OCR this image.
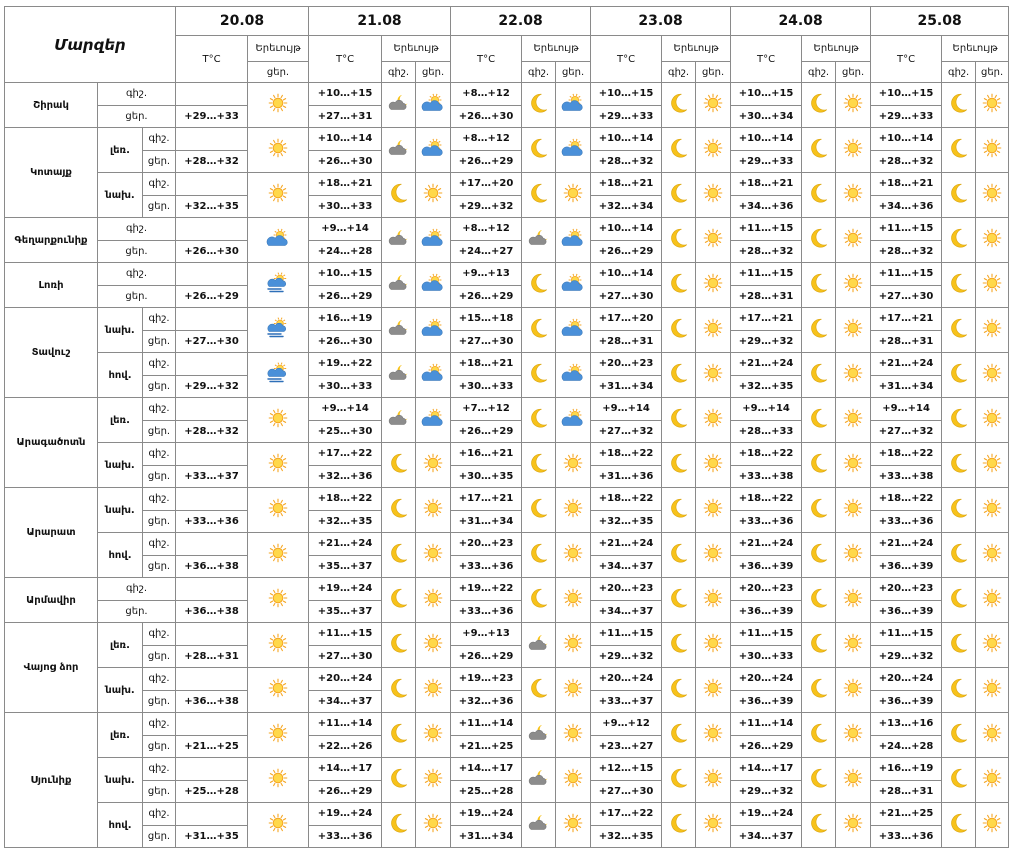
Մարզեր			20.08		21.08			22.08			23.08			24.08			25.08		
			T°C	Երեւույթ	T°C	Երեւույթ		T°C	Երեւույթ		T°C	Երեւույթ		T°C	Երեւույթ		T°C	Երեւույթ	
				ցեր.		գիշ.	ցեր.		գիշ.	ցեր.		գիշ.	ցեր.		գիշ.	ցեր.		գիշ.	ցեր.
Շիրակ	գիշ.				+10…+15			+8…+12			+10…+15			+10…+15			+10…+15	

	ցեր.		+29…+33		+27…+31			+26…+30			+29…+33			+30…+34			+29…+33		
Կոտայք	լեռ.	գիշ.			+10…+14			+8…+12			+10…+14			+10…+14			+10…+14	

		ցեր.	+28…+32		+26…+30			+26…+29			+28…+32			+29…+33			+28…+32		
	նախ.	գիշ.			+18…+21			+17…+20			+18…+21			+18…+21			+18…+21	

		ցեր.	+32…+35		+30…+33			+29…+32			+32…+34			+34…+36			+34…+36		
Գեղարքունիք	գիշ.				+9…+14			+8…+12			+10…+14			+11…+15			+11…+15	

	ցեր.		+26…+30		+24…+28			+24…+27			+26…+29			+28…+32			+28…+32		
Լոռի	գիշ.				+10…+15			+9…+13			+10…+14			+11…+15			+11…+15	

	ցեր.		+26…+29		+26…+29			+26…+29			+27…+30			+28…+31			+27…+30		
Տավուշ	նախ.	գիշ.			+16…+19			+15…+18			+17…+20			+17…+21			+17…+21	

		ցեր.	+27…+30		+26…+30			+27…+30			+28…+31			+29…+32			+28…+31		
	հով.	գիշ.			+19…+22			+18…+21			+20…+23			+21…+24			+21…+24	

		ցեր.	+29…+32		+30…+33			+30…+33			+31…+34			+32…+35			+31…+34		
Արագածոտն	լեռ.	գիշ.			+9…+14			+7…+12			+9…+14			+9…+14			+9…+14	

		ցեր.	+28…+32		+25…+30			+26…+29			+27…+32			+28…+33			+27…+32		
	նախ.	գիշ.			+17…+22			+16…+21			+18…+22			+18…+22			+18…+22	

		ցեր.	+33…+37		+32…+36			+30…+35			+31…+36			+33…+38			+33…+38		
Արարատ	նախ.	գիշ.			+18…+22			+17…+21			+18…+22			+18…+22			+18…+22	

		ցեր.	+33…+36		+32…+35			+31…+34			+32…+35			+33…+36			+33…+36		
	հով.	գիշ.			+21…+24			+20…+23			+21…+24			+21…+24			+21…+24	

		ցեր.	+36…+38		+35…+37			+33…+36			+34…+37			+36…+39			+36…+39		
Արմավիր	գիշ.				+19…+24			+19…+22			+20…+23			+20…+23			+20…+23	

	ցեր.		+36…+38		+35…+37			+33…+36			+34…+37			+36…+39			+36…+39		
Վայոց ձոր	լեռ.	գիշ.			+11…+15			+9…+13			+11…+15			+11…+15			+11…+15	

		ցեր.	+28…+31		+27…+30			+26…+29			+29…+32			+30…+33			+29…+32		
	նախ.	գիշ.			+20…+24			+19…+23			+20…+24			+20…+24			+20…+24	

		ցեր.	+36…+38		+34…+37			+32…+36			+33…+37			+36…+39			+36…+39		
Սյունիք	լեռ.	գիշ.			+11…+14			+11…+14			+9…+12			+11…+14			+13…+16	

		ցեր.	+21…+25		+22…+26			+21…+25			+23…+27			+26…+29			+24…+28		
	նախ.	գիշ.			+14…+17			+14…+17			+12…+15			+14…+17			+16…+19	

		ցեր.	+25…+28		+26…+29			+25…+28			+27…+30			+29…+32			+28…+31		
	հով.	գիշ.			+19…+24			+19…+24			+17…+22			+19…+24			+21…+25	

		ցեր.	+31…+35		+33…+36			+31…+34			+32…+35			+34…+37			+33…+36		
